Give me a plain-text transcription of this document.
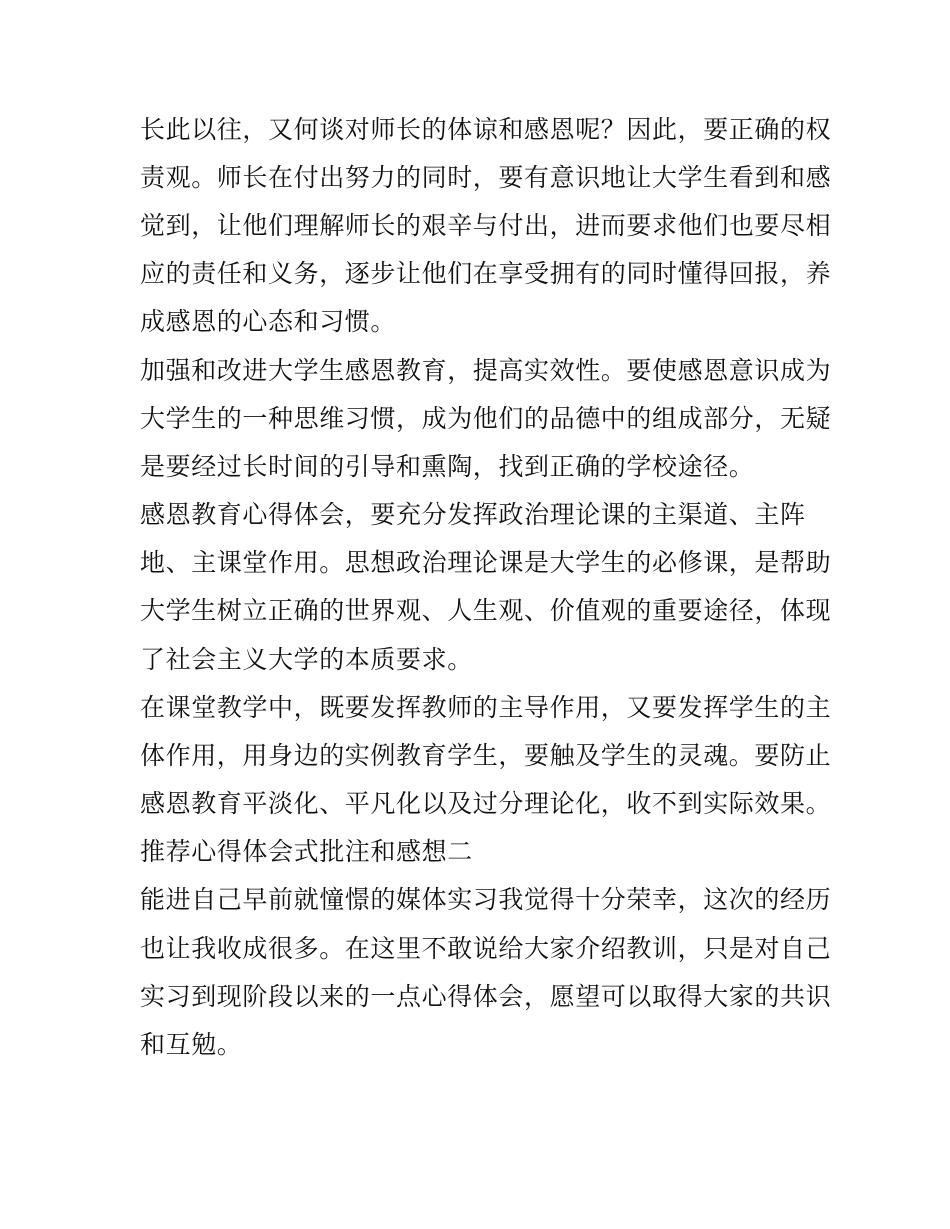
长此以往，又何谈对师长的体谅和感恩呢？因此，要正确的权
责观。师长在付出努力的同时，要有意识地让大学生看到和感
觉到，让他们理解师长的艰辛与付出，进而要求他们也要尽相
应的责任和义务，逐步让他们在享受拥有的同时懂得回报，养
成感恩的心态和习惯。
加强和改进大学生感恩教育，提高实效性。要使感恩意识成为
大学生的一种思维习惯，成为他们的品德中的组成部分，无疑
是要经过长时间的引导和熏陶，找到正确的学校途径。
感恩教育心得体会，要充分发挥政治理论课的主渠道、主阵
地、主课堂作用。思想政治理论课是大学生的必修课，是帮助
大学生树立正确的世界观、人生观、价值观的重要途径，体现
了社会主义大学的本质要求。
在课堂教学中，既要发挥教师的主导作用，又要发挥学生的主
体作用，用身边的实例教育学生，要触及学生的灵魂。要防止
感恩教育平淡化、平凡化以及过分理论化，收不到实际效果。
推荐心得体会式批注和感想二
能进自己早前就憧憬的媒体实习我觉得十分荣幸，这次的经历
也让我收成很多。在这里不敢说给大家介绍教训，只是对自己
实习到现阶段以来的一点心得体会，愿望可以取得大家的共识
和互勉。
